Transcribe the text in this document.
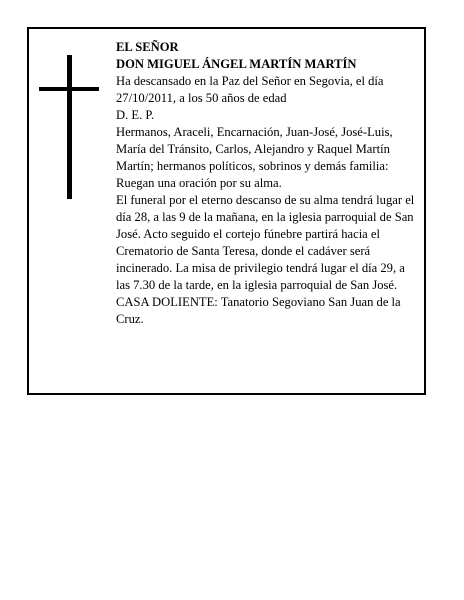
EL SEÑOR

DON MIGUEL ÁNGEL MARTÍN MARTÍN

Ha descansado en la Paz del Señor en Segovia, el día 27/10/2011, a los 50 años de edad

D. E. P.

Hermanos, Araceli, Encarnación, Juan-José, José-Luis, María del Tránsito, Carlos, Alejandro y Raquel Martín Martín; hermanos políticos, sobrinos y demás familia:

Ruegan una oración por su alma.

El funeral por el eterno descanso de su alma tendrá lugar el día 28, a las 9 de la mañana, en la iglesia parroquial de San José. Acto seguido el cortejo fúnebre partirá hacia el Crematorio de Santa Teresa, donde el cadáver será incinerado. La misa de privilegio tendrá lugar el día 29, a las 7.30 de la tarde, en la iglesia parroquial de San José.

CASA DOLIENTE: Tanatorio Segoviano San Juan de la Cruz.
